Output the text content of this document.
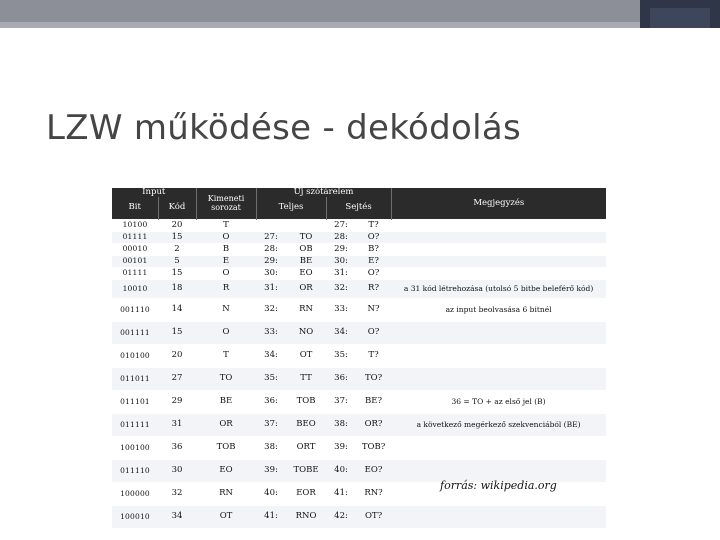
LZW működése - dekódolás
Input		Kimeneti sorozat	Új szótárelem				Megjegyzés
Bit	Kód		Teljes		Sejtés		
10100	20	T			27:	T?	
01111	15	O	27:	TO	28:	O?	
00010	2	B	28:	OB	29:	B?	
00101	5	E	29:	BE	30:	E?	
01111	15	O	30:	EO	31:	O?	
10010	18	R	31:	OR	32:	R?	a 31 kód létrehozása (utolsó 5 bitbe beleférő kód)
001110	14	N	32:	RN	33:	N?	az input beolvasása 6 bitnél
001111	15	O	33:	NO	34:	O?	
010100	20	T	34:	OT	35:	T?	
011011	27	TO	35:	TT	36:	TO?	
011101	29	BE	36:	TOB	37:	BE?	36 = TO + az első jel (B)
011111	31	OR	37:	BEO	38:	OR?	a következő megérkező szekvenciából (BE)
100100	36	TOB	38:	ORT	39:	TOB?	
011110	30	EO	39:	TOBE	40:	EO?	
100000	32	RN	40:	EOR	41:	RN?	
100010	34	OT	41:	RNO	42:	OT?	

forrás: wikipedia.org
